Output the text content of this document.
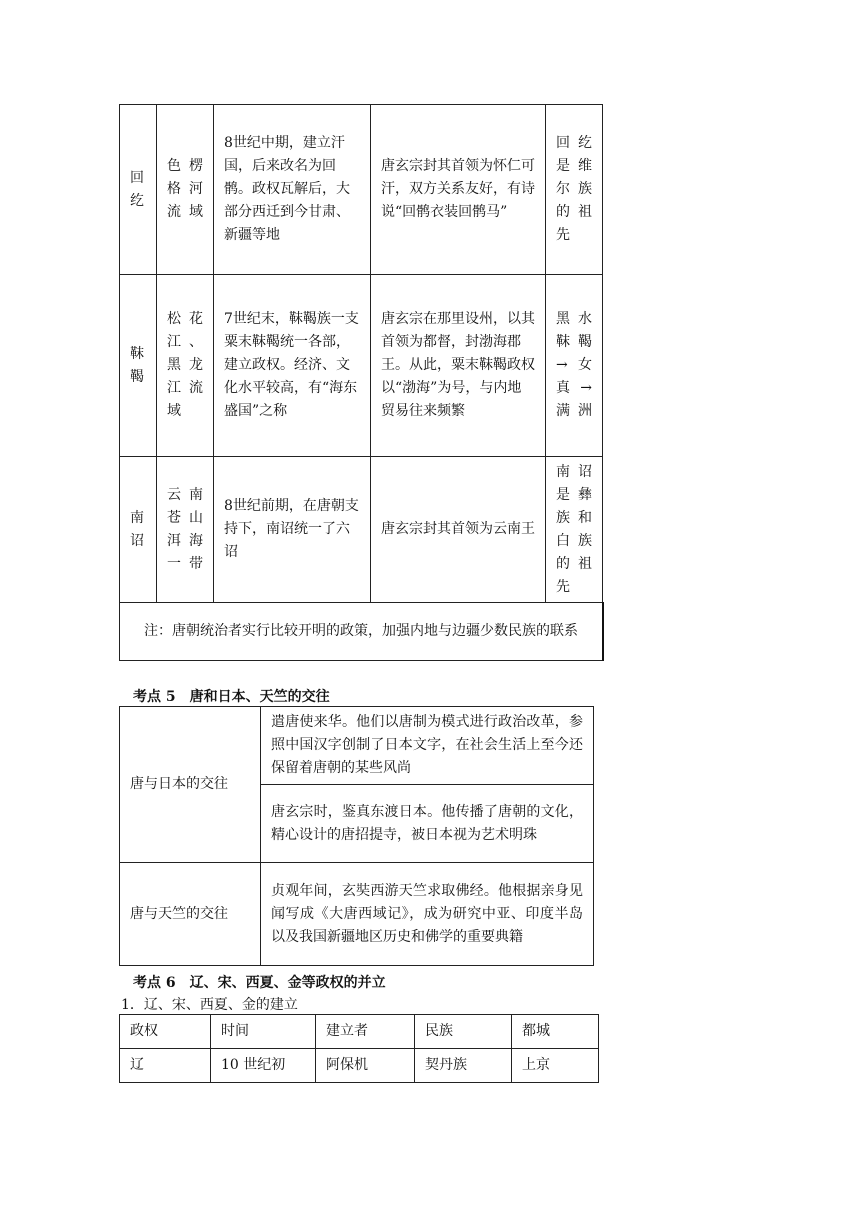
回纥	色楞格河流域	8世纪中期，建立汗国，后来改名为回鹘。政权瓦解后，大部分西迁到今甘肃、新疆等地	唐玄宗封其首领为怀仁可汗，双方关系友好，有诗说“回鹘衣装回鹘马”	回纥是维尔族的祖先
靺鞨	松花江、黑龙江流域	7世纪末，靺鞨族一支粟末靺鞨统一各部，建立政权。经济、文化水平较高，有“海东盛国”之称	唐玄宗在那里设州，以其首领为都督，封渤海郡王。从此，粟末靺鞨政权以“渤海”为号，与内地贸易往来频繁	黑水靺鞨→女真→满洲
南诏	云南苍山洱海一带	8世纪前期，在唐朝支持下，南诏统一了六诏	唐玄宗封其首领为云南王	南诏是彝族和白族的祖先
注：唐朝统治者实行比较开明的政策，加强内地与边疆少数民族的联系				
考点 5　唐和日本、天竺的交往
唐与日本的交往	遣唐使来华。他们以唐制为模式进行政治改革，参照中国汉字创制了日本文字，在社会生活上至今还保留着唐朝的某些风尚
	唐玄宗时，鉴真东渡日本。他传播了唐朝的文化，精心设计的唐招提寺，被日本视为艺术明珠
唐与天竺的交往	贞观年间，玄奘西游天竺求取佛经。他根据亲身见闻写成《大唐西域记》，成为研究中亚、印度半岛以及我国新疆地区历史和佛学的重要典籍
考点 6　辽、宋、西夏、金等政权的并立
1．辽、宋、西夏、金的建立
政权	时间	建立者	民族	都城
辽	10 世纪初	阿保机	契丹族	上京
